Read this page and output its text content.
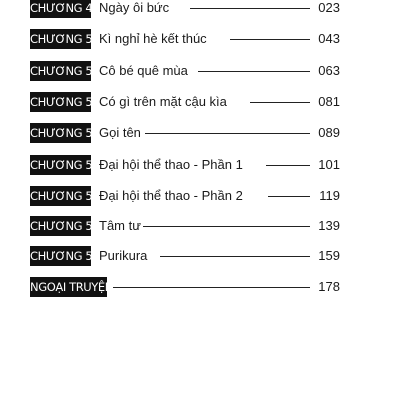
CHƯƠNG 49 Ngày ôi bức	023
CHƯƠNG 50 Kì nghỉ hè kết thúc	043
CHƯƠNG 51 Cô bé quê mùa	063
CHƯƠNG 52 Có gì trên mặt cậu kìa	081
CHƯƠNG 53 Gọi tên	089
CHƯƠNG 54 Đại hội thể thao - Phần 1	101
CHƯƠNG 55 Đại hội thể thao - Phần 2	119
CHƯƠNG 56 Tâm tư	139
CHƯƠNG 57 Purikura	159
NGOẠI TRUYỆN	178
